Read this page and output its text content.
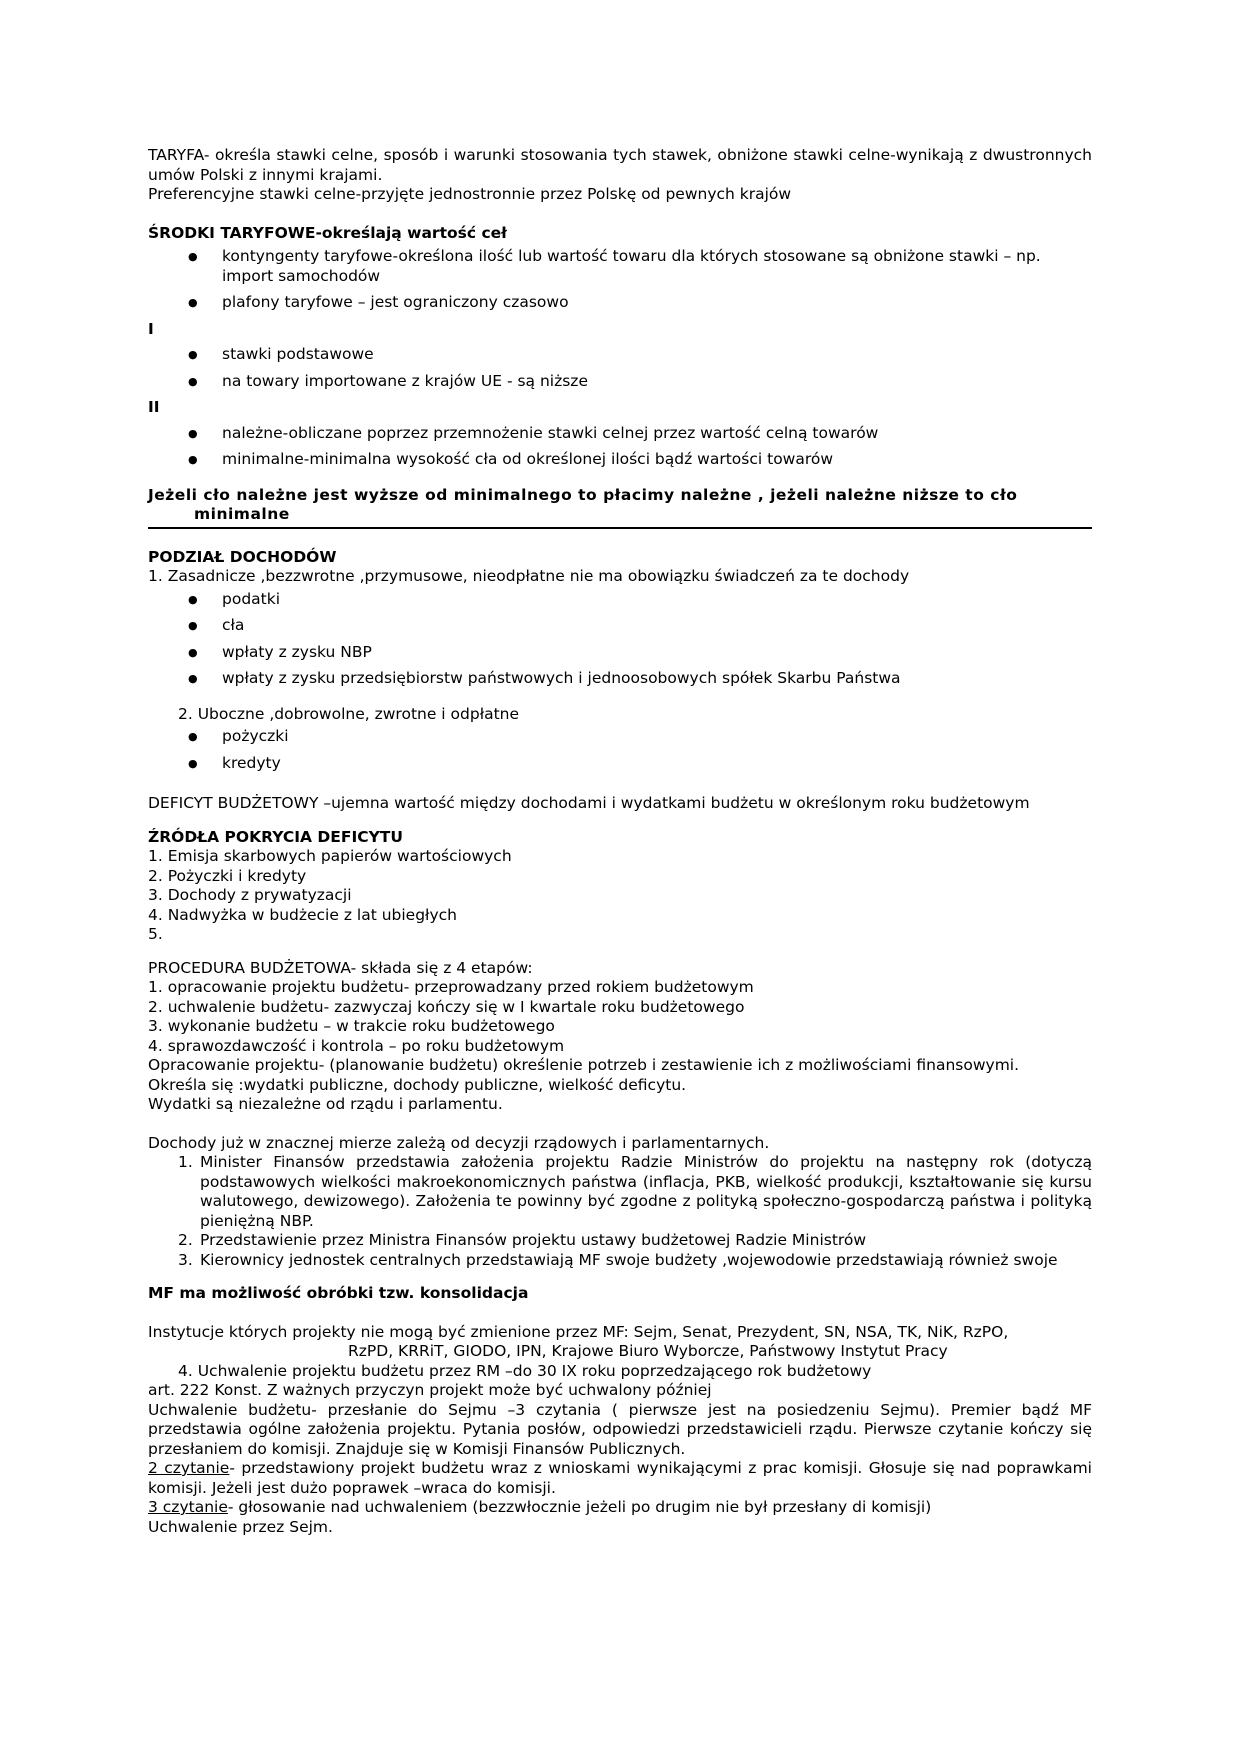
TARYFA- określa stawki celne, sposób i warunki stosowania tych stawek, obniżone stawki celne-wynikają z dwustronnych umów Polski z innymi krajami.

Preferencyjne stawki celne-przyjęte jednostronnie przez Polskę od pewnych krajów

ŚRODKI TARYFOWE-określają wartość ceł

● kontyngenty taryfowe-określona ilość lub wartość towaru dla których stosowane są obniżone stawki – np. import samochodów
● plafony taryfowe – jest ograniczony czasowo

I

● stawki podstawowe
● na towary importowane z krajów UE - są niższe

II

● należne-obliczane poprzez przemnożenie stawki celnej przez wartość celną towarów
● minimalne-minimalna wysokość cła od określonej ilości bądź wartości towarów
Jeżeli cło należne jest wyższe od minimalnego to płacimy należne , jeżeli należne niższe to cło
minimalne

PODZIAŁ DOCHODÓW

1. Zasadnicze ,bezzwrotne ,przymusowe, nieodpłatne nie ma obowiązku świadczeń za te dochody

● podatki
● cła
● wpłaty z zysku NBP
● wpłaty z zysku przedsiębiorstw państwowych i jednoosobowych spółek Skarbu Państwa

2. Uboczne ,dobrowolne, zwrotne i odpłatne

● pożyczki
● kredyty

DEFICYT BUDŻETOWY –ujemna wartość między dochodami i wydatkami budżetu w określonym roku budżetowym

ŹRÓDŁA POKRYCIA DEFICYTU

1. Emisja skarbowych papierów wartościowych

2. Pożyczki i kredyty

3. Dochody z prywatyzacji

4. Nadwyżka w budżecie z lat ubiegłych

5.

PROCEDURA BUDŻETOWA- składa się z 4 etapów:

1. opracowanie projektu budżetu- przeprowadzany przed rokiem budżetowym

2. uchwalenie budżetu- zazwyczaj kończy się w I kwartale roku budżetowego

3. wykonanie budżetu – w trakcie roku budżetowego

4. sprawozdawczość i kontrola – po roku budżetowym

Opracowanie projektu- (planowanie budżetu) określenie potrzeb i zestawienie ich z możliwościami finansowymi.

Określa się :wydatki publiczne, dochody publiczne, wielkość deficytu.

Wydatki są niezależne od rządu i parlamentu.

Dochody już w znacznej mierze zależą od decyzji rządowych i parlamentarnych.

1. Minister Finansów przedstawia założenia projektu Radzie Ministrów do projektu na następny rok (dotyczą podstawowych wielkości makroekonomicznych państwa (inflacja, PKB, wielkość produkcji, kształtowanie się kursu walutowego, dewizowego). Założenia te powinny być zgodne z polityką społeczno-gospodarczą państwa i polityką pieniężną NBP.
2. Przedstawienie przez Ministra Finansów projektu ustawy budżetowej Radzie Ministrów
3. Kierownicy jednostek centralnych przedstawiają MF swoje budżety ,wojewodowie przedstawiają również swoje

MF ma możliwość obróbki tzw. konsolidacja

Instytucje których projekty nie mogą być zmienione przez MF: Sejm, Senat, Prezydent, SN, NSA, TK, NiK, RzPO,

RzPD, KRRiT, GIODO, IPN, Krajowe Biuro Wyborcze, Państwowy Instytut Pracy

4. Uchwalenie projektu budżetu przez RM –do 30 IX roku poprzedzającego rok budżetowy

art. 222 Konst. Z ważnych przyczyn projekt może być uchwalony później

Uchwalenie budżetu- przesłanie do Sejmu –3 czytania ( pierwsze jest na posiedzeniu Sejmu). Premier bądź MF przedstawia ogólne założenia projektu. Pytania posłów, odpowiedzi przedstawicieli rządu. Pierwsze czytanie kończy się przesłaniem do komisji. Znajduje się w Komisji Finansów Publicznych.

2 czytanie- przedstawiony projekt budżetu wraz z wnioskami wynikającymi z prac komisji. Głosuje się nad poprawkami komisji. Jeżeli jest dużo poprawek –wraca do komisji.

3 czytanie- głosowanie nad uchwaleniem (bezzwłocznie jeżeli po drugim nie był przesłany di komisji)

Uchwalenie przez Sejm.
